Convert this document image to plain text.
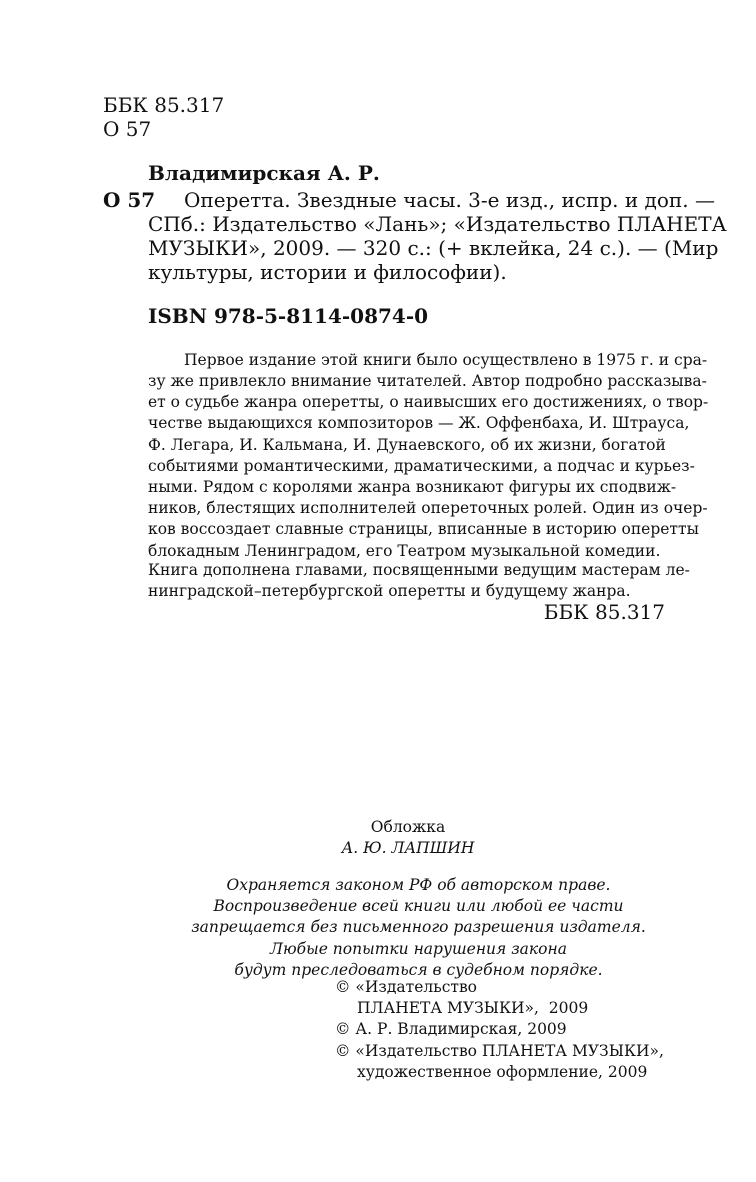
ББК 85.317
О 57
Владимирская А. Р.
О 57 Оперетта. Звездные часы. 3-е изд., испр. и доп. —
СПб.: Издательство «Лань»; «Издательство ПЛАНЕТА
МУЗЫКИ», 2009. — 320 с.: (+ вклейка, 24 с.). — (Мир
культуры, истории и философии).
ISBN 978-5-8114-0874-0
Первое издание этой книги было осуществлено в 1975 г. и сра-
зу же привлекло внимание читателей. Автор подробно рассказыва-
ет о судьбе жанра оперетты, о наивысших его достижениях, о твор-
честве выдающихся композиторов — Ж. Оффенбаха, И. Штрауса,
Ф. Легара, И. Кальмана, И. Дунаевского, об их жизни, богатой
событиями романтическими, драматическими, а подчас и курьез-
ными. Рядом с королями жанра возникают фигуры их сподвиж-
ников, блестящих исполнителей опереточных ролей. Один из очер-
ков воссоздает славные страницы, вписанные в историю оперетты
блокадным Ленинградом, его Театром музыкальной комедии.
Книга дополнена главами, посвященными ведущим мастерам ле-
нинградской–петербургской оперетты и будущему жанра.
ББК 85.317
Обложка
А. Ю. ЛАПШИН
Охраняется законом РФ об авторском праве.
Воспроизведение всей книги или любой ее части
запрещается без письменного разрешения издателя.
Любые попытки нарушения закона
будут преследоваться в судебном порядке.
© «Издательство
ПЛАНЕТА МУЗЫКИ»,  2009
© А. Р. Владимирская, 2009
© «Издательство ПЛАНЕТА МУЗЫКИ»,
художественное оформление, 2009
